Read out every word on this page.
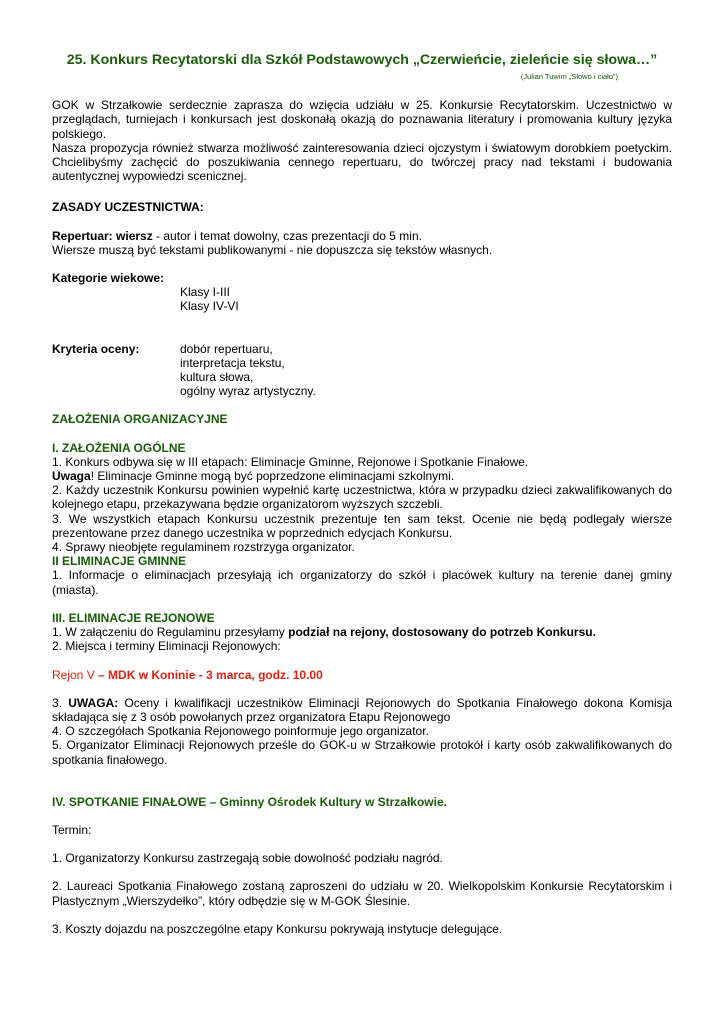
25. Konkurs Recytatorski dla Szkół Podstawowych „Czerwieńcie, zieleńcie się słowa…”

(Julian Tuwim „Słowo i ciało”)

GOK w Strzałkowie serdecznie zaprasza do wzięcia udziału w 25. Konkursie Recytatorskim. Uczestnictwo w przeglądach, turniejach i konkursach jest doskonałą okazją do poznawania literatury i promowania kultury języka polskiego.

Nasza propozycja również stwarza możliwość zainteresowania dzieci ojczystym i światowym dorobkiem poetyckim. Chcielibyśmy zachęcić do poszukiwania cennego repertuaru, do twórczej pracy nad tekstami i budowania autentycznej wypowiedzi scenicznej.

ZASADY UCZESTNICTWA:

Repertuar: wiersz - autor i temat dowolny, czas prezentacji do 5 min.

Wiersze muszą być tekstami publikowanymi - nie dopuszcza się tekstów własnych.

Kategorie wiekowe:

Klasy I-III

Klasy IV-VI

Kryteria oceny:	dobór repertuaru,

interpretacja tekstu,

kultura słowa,

ogólny wyraz artystyczny.

ZAŁOŻENIA ORGANIZACYJNE

I. ZAŁOŻENIA OGÓLNE

1. Konkurs odbywa się w III etapach: Eliminacje Gminne, Rejonowe i Spotkanie Finałowe.

Uwaga! Eliminacje Gminne mogą być poprzedzone eliminacjami szkolnymi.

2. Każdy uczestnik Konkursu powinien wypełnić kartę uczestnictwa, która w przypadku dzieci zakwalifikowanych do kolejnego etapu, przekazywana będzie organizatorom wyższych szczebli.

3. We wszystkich etapach Konkursu uczestnik prezentuje ten sam tekst. Ocenie nie będą podlegały wiersze prezentowane przez danego uczestnika w poprzednich edycjach Konkursu.

4. Sprawy nieobjęte regulaminem rozstrzyga organizator.

II ELIMINACJE GMINNE

1. Informacje o eliminacjach przesyłają ich organizatorzy do szkół i placówek kultury na terenie danej gminy (miasta).

III. ELIMINACJE REJONOWE

1. W załączeniu do Regulaminu przesyłamy podział na rejony, dostosowany do potrzeb Konkursu.

2. Miejsca i terminy Eliminacji Rejonowych:

Rejon V – MDK w Koninie - 3 marca, godz. 10.00

3. UWAGA: Oceny i kwalifikacji uczestników Eliminacji Rejonowych do Spotkania Finałowego dokona Komisja składająca się z 3 osób powołanych przez organizatora Etapu Rejonowego

4. O szczegółach Spotkania Rejonowego poinformuje jego organizator.

5. Organizator Eliminacji Rejonowych prześle do GOK-u w Strzałkowie protokół i karty osób zakwalifikowanych do spotkania finałowego.

IV. SPOTKANIE FINAŁOWE – Gminny Ośrodek Kultury w Strzałkowie.

Termin:

1. Organizatorzy Konkursu zastrzegają sobie dowolność podziału nagród.

2. Laureaci Spotkania Finałowego zostaną zaproszeni do udziału w 20. Wielkopolskim Konkursie Recytatorskim i Plastycznym „Wierszydełko”, który odbędzie się w M-GOK Ślesinie.

3. Koszty dojazdu na poszczególne etapy Konkursu pokrywają instytucje delegujące.
